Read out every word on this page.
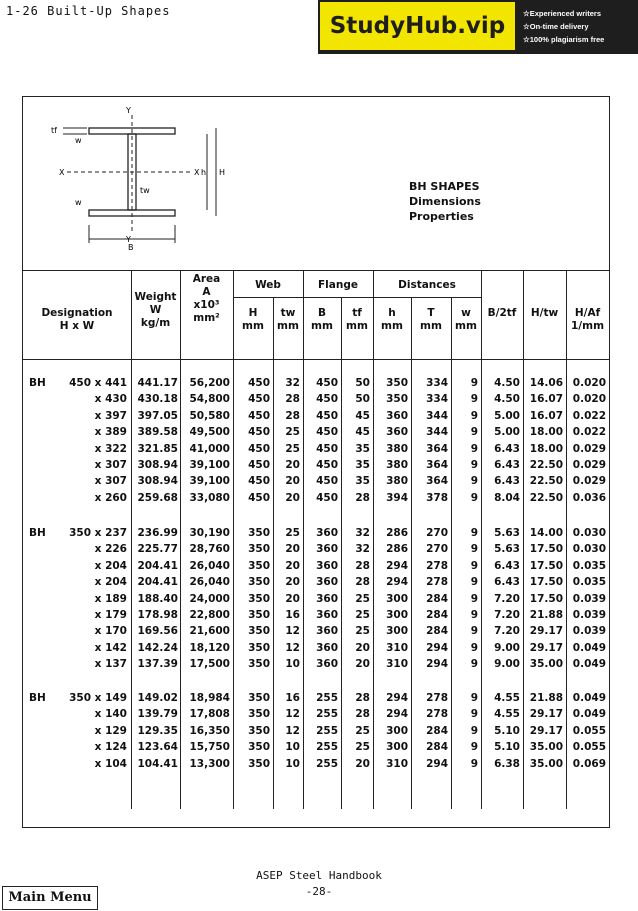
1-26 Built-Up Shapes
StudyHub.vip
☆	Experienced writers
☆ On-time delivery
☆ 100% plagiarism free
Y
Y
X	X
tf
tw
w
w
h H
B
BH SHAPES
Dimensions
Properties
Designation
H x W
Weight
W
kg/m
Area
A
x10³
mm²
Web	Flange	Distances
H
mm
tw
mm
B
mm
tf
mm
h
mm
T
mm
w
mm
B/2tf	H/tw	H/Af
1/mm
BH 450 x 441 441.17 56,200 450 32 450 50 350 334 9 4.50 14.06 0.020
x 430 430.18 54,800 450 28 450 50 350 334 9 4.50 16.07 0.020
x 397 397.05 50,580 450 28 450 45 360 344 9 5.00 16.07 0.022
x 389 389.58 49,500 450 25 450 45 360 344 9 5.00 18.00 0.022
x 322 321.85 41,000 450 25 450 35 380 364 9 6.43 18.00 0.029
x 307 308.94 39,100 450 20 450 35 380 364 9 6.43 22.50 0.029
x 307 308.94 39,100 450 20 450 35 380 364 9 6.43 22.50 0.029
x 260 259.68 33,080 450 20 450 28 394 378 9 8.04 22.50 0.036
BH 350 x 237 236.99 30,190 350 25 360 32 286 270 9 5.63 14.00 0.030
x 226 225.77 28,760 350 20 360 32 286 270 9 5.63 17.50 0.030
x 204 204.41 26,040 350 20 360 28 294 278 9 6.43 17.50 0.035
x 204 204.41 26,040 350 20 360 28 294 278 9 6.43 17.50 0.035
x 189 188.40 24,000 350 20 360 25 300 284 9 7.20 17.50 0.039
x 179 178.98 22,800 350 16 360 25 300 284 9 7.20 21.88 0.039
x 170 169.56 21,600 350 12 360 25 300 284 9 7.20 29.17 0.039
x 142 142.24 18,120 350 12 360 20 310 294 9 9.00 29.17 0.049
x 137 137.39 17,500 350 10 360 20 310 294 9 9.00 35.00 0.049
BH 350 x 149 149.02 18,984 350 16 255 28 294 278 9 4.55 21.88 0.049
x 140 139.79 17,808 350 12 255 28 294 278 9 4.55 29.17 0.049
x 129 129.35 16,350 350 12 255 25 300 284 9 5.10 29.17 0.055
x 124 123.64 15,750 350 10 255 25 300 284 9 5.10 35.00 0.055
x 104 104.41 13,300 350 10 255 20 310 294 9 6.38 35.00 0.069
ASEP Steel Handbook
-28-
Main Menu
